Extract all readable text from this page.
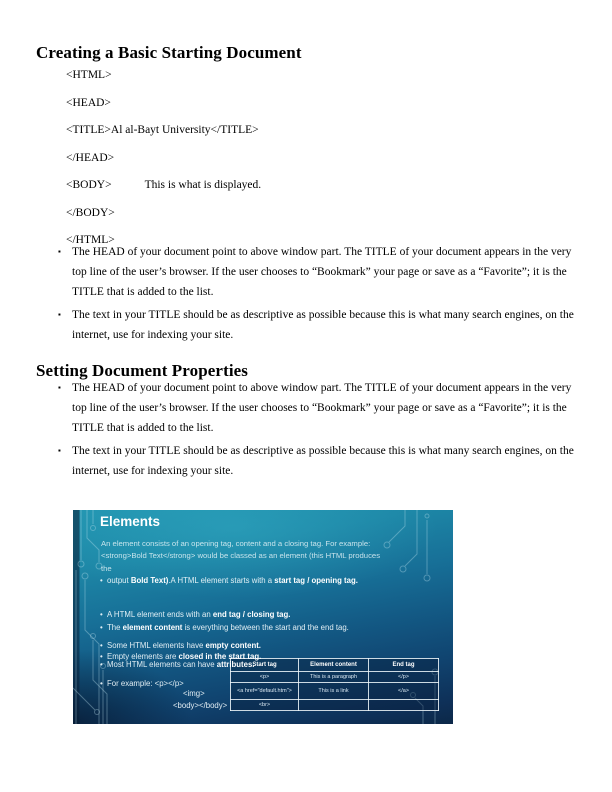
Creating a Basic Starting Document
<HTML>
<HEAD>
<TITLE>Al al-Bayt University</TITLE>
</HEAD>
<BODY>	This is what is displayed.
</BODY>
</HTML>
▪ The HEAD of your document point to above window part. The TITLE of your document appears in the very top line of the user’s browser. If the user chooses to “Bookmark” your page or save as a “Favorite”; it is the TITLE that is added to the list.
▪ The text in your TITLE should be as descriptive as possible because this is what many search engines, on the internet, use for indexing your site.
Setting Document Properties
▪ The HEAD of your document point to above window part. The TITLE of your document appears in the very top line of the user’s browser. If the user chooses to “Bookmark” your page or save as a “Favorite”; it is the TITLE that is added to the list.
▪ The text in your TITLE should be as descriptive as possible because this is what many search engines, on the internet, use for indexing your site.
Elements
An element consists of an opening tag, content and a closing tag. For example: <strong>Bold Text</strong> would be classed as an element (this HTML produces the
• output Bold Text).A HTML element starts with a start tag / opening tag.
• A HTML element ends with an end tag / closing tag.
• The element content is everything between the start and the end tag.
• Some HTML elements have empty content.
• Empty elements are closed in the start tag.
• Most HTML elements can have attributes.
• For example: <p></p>
<img>
<body></body>
Start tag	Element content	End tag
<p>	This is a paragraph	</p>
<a href="default.htm">	This is a link	</a>
<br>		
